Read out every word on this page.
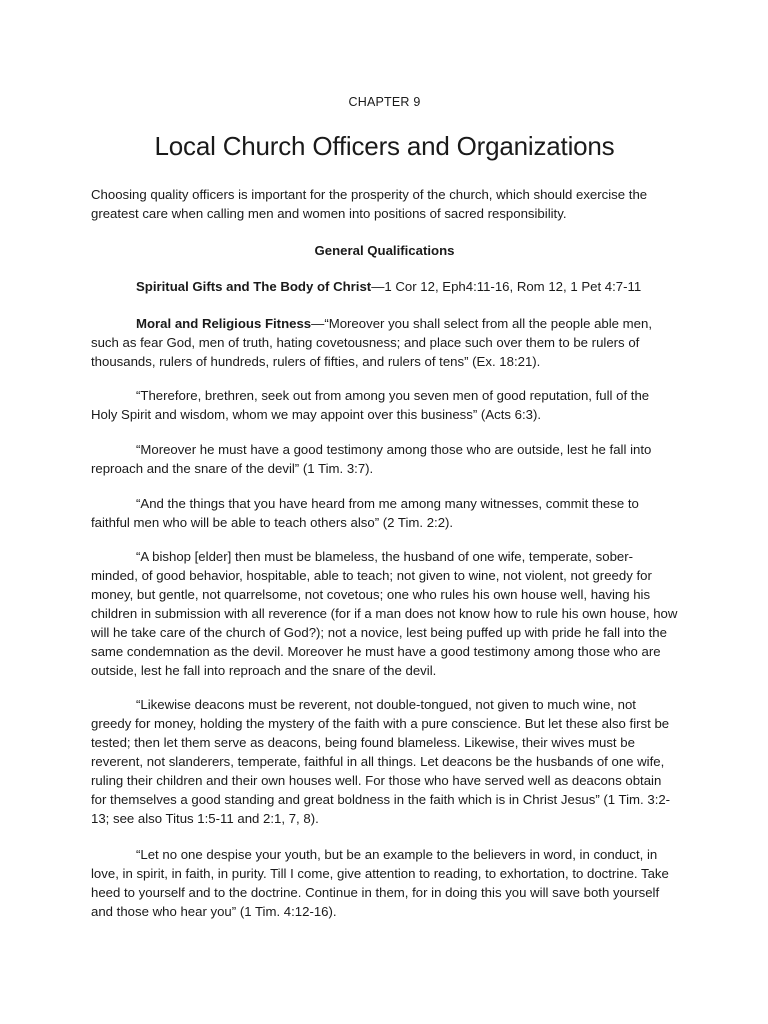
CHAPTER 9
Local Church Officers and Organizations

Choosing quality officers is important for the prosperity of the church, which should exercise the greatest care when calling men and women into positions of sacred responsibility.

General Qualifications

Spiritual Gifts and The Body of Christ—1 Cor 12, Eph4:11-16, Rom 12, 1 Pet 4:7-11

Moral and Religious Fitness—“Moreover you shall select from all the people able men, such as fear God, men of truth, hating covetousness; and place such over them to be rulers of thousands, rulers of hundreds, rulers of fifties, and rulers of tens” (Ex. 18:21).

“Therefore, brethren, seek out from among you seven men of good reputation, full of the Holy Spirit and wisdom, whom we may appoint over this business” (Acts 6:3).

“Moreover he must have a good testimony among those who are outside, lest he fall into reproach and the snare of the devil” (1 Tim. 3:7).

“And the things that you have heard from me among many witnesses, commit these to faithful men who will be able to teach others also” (2 Tim. 2:2).

“A bishop [elder] then must be blameless, the husband of one wife, temperate, sober-minded, of good behavior, hospitable, able to teach; not given to wine, not violent, not greedy for money, but gentle, not quarrelsome, not covetous; one who rules his own house well, having his children in submission with all reverence (for if a man does not know how to rule his own house, how will he take care of the church of God?); not a novice, lest being puffed up with pride he fall into the same condemnation as the devil. Moreover he must have a good testimony among those who are outside, lest he fall into reproach and the snare of the devil.

“Likewise deacons must be reverent, not double-tongued, not given to much wine, not greedy for money, holding the mystery of the faith with a pure conscience. But let these also first be tested; then let them serve as deacons, being found blameless. Likewise, their wives must be reverent, not slanderers, temperate, faithful in all things. Let deacons be the husbands of one wife, ruling their children and their own houses well. For those who have served well as deacons obtain for themselves a good standing and great boldness in the faith which is in Christ Jesus” (1 Tim. 3:2-13; see also Titus 1:5-11 and 2:1, 7, 8).

“Let no one despise your youth, but be an example to the believers in word, in conduct, in love, in spirit, in faith, in purity. Till I come, give attention to reading, to exhortation, to doctrine. Take heed to yourself and to the doctrine. Continue in them, for in doing this you will save both yourself and those who hear you” (1 Tim. 4:12-16).
